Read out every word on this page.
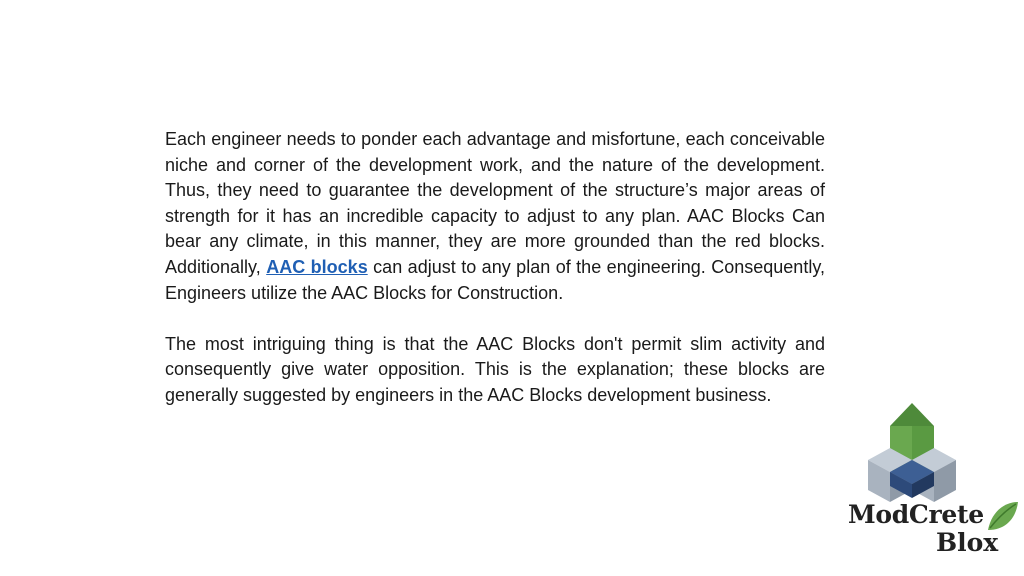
Each engineer needs to ponder each advantage and misfortune, each conceivable niche and corner of the development work, and the nature of the development. Thus, they need to guarantee the development of the structure’s major areas of strength for it has an incredible capacity to adjust to any plan. AAC Blocks Can bear any climate, in this manner, they are more grounded than the red blocks. Additionally, AAC blocks can adjust to any plan of the engineering. Consequently, Engineers utilize the AAC Blocks for Construction.

The most intriguing thing is that the AAC Blocks don't permit slim activity and consequently give water opposition. This is the explanation; these blocks are generally suggested by engineers in the AAC Blocks development business.

ModCrete
Blox
